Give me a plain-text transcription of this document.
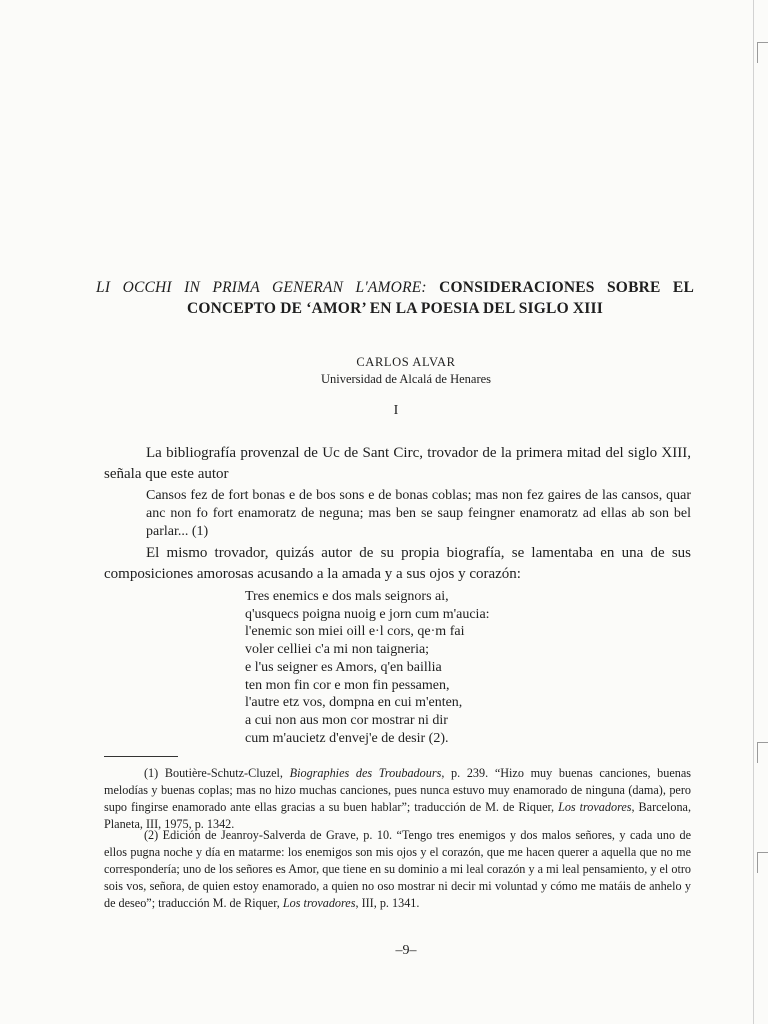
LI OCCHI IN PRIMA GENERAN L'AMORE: CONSIDERACIONES SOBRE EL CONCEPTO DE ‘AMOR’ EN LA POESIA DEL SIGLO XIII
CARLOS ALVAR
Universidad de Alcalá de Henares
I
La bibliografía provenzal de Uc de Sant Circ, trovador de la primera mitad del siglo XIII, señala que este autor
Cansos fez de fort bonas e de bos sons e de bonas coblas; mas non fez gaires de las cansos, quar anc non fo fort enamoratz de neguna; mas ben se saup feingner enamoratz ad ellas ab son bel parlar... (1)
El mismo trovador, quizás autor de su propia biografía, se lamentaba en una de sus composiciones amorosas acusando a la amada y a sus ojos y corazón:
Tres enemics e dos mals seignors ai,
q'usquecs poigna nuoig e jorn cum m'aucia:
l'enemic son miei oill e·l cors, qe·m fai
voler celliei c'a mi non taigneria;
e l'us seigner es Amors, q'en baillia
ten mon fin cor e mon fin pessamen,
l'autre etz vos, dompna en cui m'enten,
a cui non aus mon cor mostrar ni dir
cum m'aucietz d'envej'e de desir (2).
(1) Boutière-Schutz-Cluzel, Biographies des Troubadours, p. 239. “Hizo muy buenas canciones, buenas melodías y buenas coplas; mas no hizo muchas canciones, pues nunca estuvo muy enamorado de ninguna (dama), pero supo fingirse enamorado ante ellas gracias a su buen hablar”; traducción de M. de Riquer, Los trovadores, Barcelona, Planeta, III, 1975, p. 1342.
(2) Edición de Jeanroy-Salverda de Grave, p. 10. “Tengo tres enemigos y dos malos señores, y cada uno de ellos pugna noche y día en matarme: los enemigos son mis ojos y el corazón, que me hacen querer a aquella que no me correspondería; uno de los señores es Amor, que tiene en su dominio a mi leal corazón y a mi leal pensamiento, y el otro sois vos, señora, de quien estoy enamorado, a quien no oso mostrar ni decir mi voluntad y cómo me matáis de anhelo y de deseo”; traducción M. de Riquer, Los trovadores, III, p. 1341.
–9–
